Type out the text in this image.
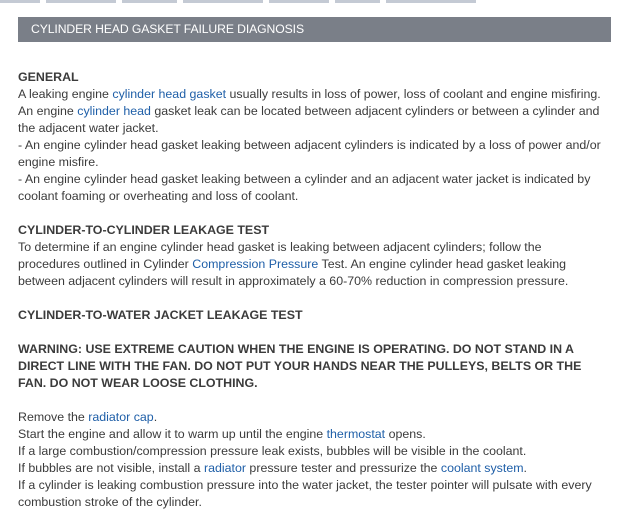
CYLINDER HEAD GASKET FAILURE DIAGNOSIS
GENERAL
A leaking engine cylinder head gasket usually results in loss of power, loss of coolant and engine misfiring.
An engine cylinder head gasket leak can be located between adjacent cylinders or between a cylinder and the adjacent water jacket.
- An engine cylinder head gasket leaking between adjacent cylinders is indicated by a loss of power and/or engine misfire.
- An engine cylinder head gasket leaking between a cylinder and an adjacent water jacket is indicated by coolant foaming or overheating and loss of coolant.
CYLINDER-TO-CYLINDER LEAKAGE TEST
To determine if an engine cylinder head gasket is leaking between adjacent cylinders; follow the procedures outlined in Cylinder Compression Pressure Test. An engine cylinder head gasket leaking between adjacent cylinders will result in approximately a 60-70% reduction in compression pressure.
CYLINDER-TO-WATER JACKET LEAKAGE TEST
WARNING: USE EXTREME CAUTION WHEN THE ENGINE IS OPERATING. DO NOT STAND IN A DIRECT LINE WITH THE FAN. DO NOT PUT YOUR HANDS NEAR THE PULLEYS, BELTS OR THE FAN. DO NOT WEAR LOOSE CLOTHING.
Remove the radiator cap.
Start the engine and allow it to warm up until the engine thermostat opens.
If a large combustion/compression pressure leak exists, bubbles will be visible in the coolant.
If bubbles are not visible, install a radiator pressure tester and pressurize the coolant system.
If a cylinder is leaking combustion pressure into the water jacket, the tester pointer will pulsate with every combustion stroke of the cylinder.
